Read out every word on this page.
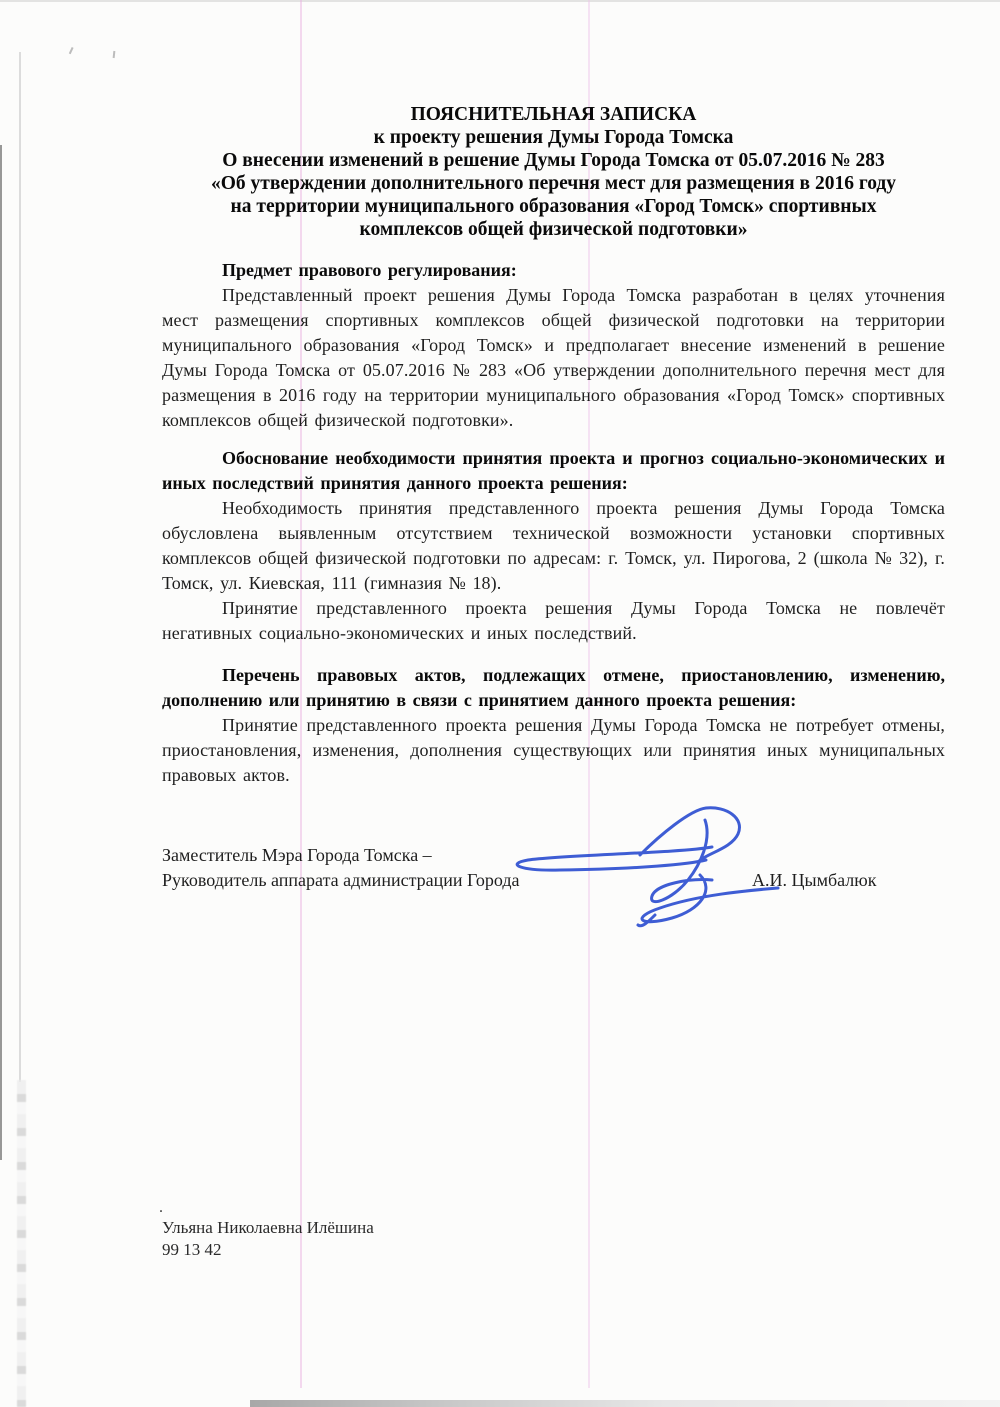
.
ПОЯСНИТЕЛЬНАЯ ЗАПИСКА
к проекту решения Думы Города Томска
О внесении изменений в решение Думы Города Томска от 05.07.2016 № 283
«Об утверждении дополнительного перечня мест для размещения в 2016 году
на территории муниципального образования «Город Томск» спортивных
комплексов общей физической подготовки»
Предмет правового регулирования:

Представленный проект решения Думы Города Томска разработан в целях уточнения мест размещения спортивных комплексов общей физической подготовки на территории муниципального образования «Город Томск» и предполагает внесение изменений в решение Думы Города Томска от 05.07.2016 № 283 «Об утверждении дополнительного перечня мест для размещения в 2016 году на территории муниципального образования «Город Томск» спортивных комплексов общей физической подготовки».

Обоснование необходимости принятия проекта и прогноз социально-экономических и иных последствий принятия данного проекта решения:

Необходимость принятия представленного проекта решения Думы Города Томска обусловлена выявленным отсутствием технической возможности установки спортивных комплексов общей физической подготовки по адресам: г. Томск, ул. Пирогова, 2 (школа № 32), г. Томск, ул. Киевская, 111 (гимназия № 18).

Принятие представленного проекта решения Думы Города Томска не повлечёт негативных социально-экономических и иных последствий.

Перечень правовых актов, подлежащих отмене, приостановлению, изменению, дополнению или принятию в связи с принятием данного проекта решения:

Принятие представленного проекта решения Думы Города Томска не потребует отмены, приостановления, изменения, дополнения существующих или принятия иных муниципальных правовых актов.

Заместитель Мэра Города Томска –
Руководитель аппарата администрации Города	А.И. Цымбалюк
Ульяна Николаевна Илёшина
99 13 42
